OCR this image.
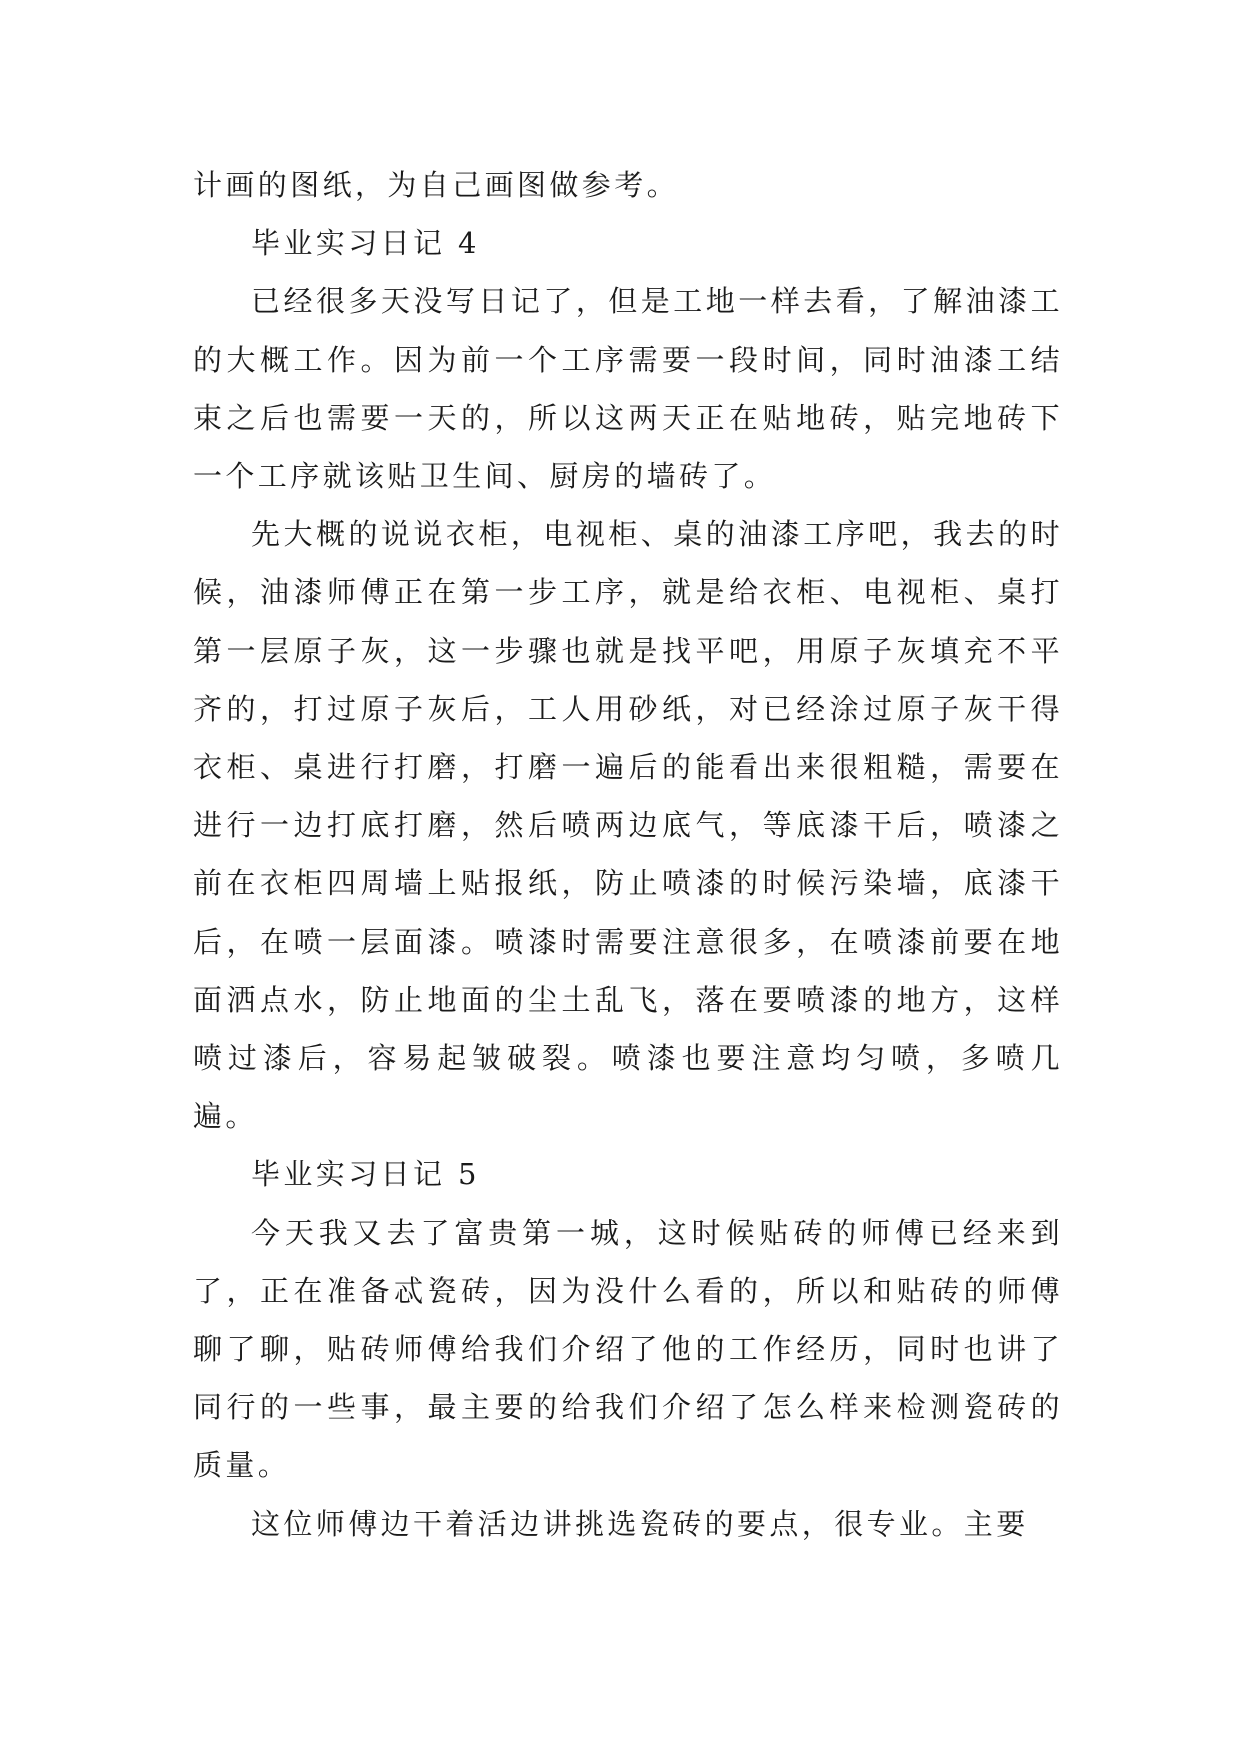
计画的图纸，为自己画图做参考。

毕业实习日记 4

已经很多天没写日记了，但是工地一样去看，了解油漆工的大概工作。因为前一个工序需要一段时间，同时油漆工结束之后也需要一天的，所以这两天正在贴地砖，贴完地砖下一个工序就该贴卫生间、厨房的墙砖了。

先大概的说说衣柜，电视柜、桌的油漆工序吧，我去的时候，油漆师傅正在第一步工序，就是给衣柜、电视柜、桌打第一层原子灰，这一步骤也就是找平吧，用原子灰填充不平齐的，打过原子灰后，工人用砂纸，对已经涂过原子灰干得衣柜、桌进行打磨，打磨一遍后的能看出来很粗糙，需要在进行一边打底打磨，然后喷两边底气，等底漆干后，喷漆之前在衣柜四周墙上贴报纸，防止喷漆的时候污染墙，底漆干后，在喷一层面漆。喷漆时需要注意很多，在喷漆前要在地面洒点水，防止地面的尘土乱飞，落在要喷漆的地方，这样喷过漆后，容易起皱破裂。喷漆也要注意均匀喷，多喷几遍。

毕业实习日记 5

今天我又去了富贵第一城，这时候贴砖的师傅已经来到了，正在准备忒瓷砖，因为没什么看的，所以和贴砖的师傅聊了聊，贴砖师傅给我们介绍了他的工作经历，同时也讲了同行的一些事，最主要的给我们介绍了怎么样来检测瓷砖的质量。

这位师傅边干着活边讲挑选瓷砖的要点，很专业。主要
